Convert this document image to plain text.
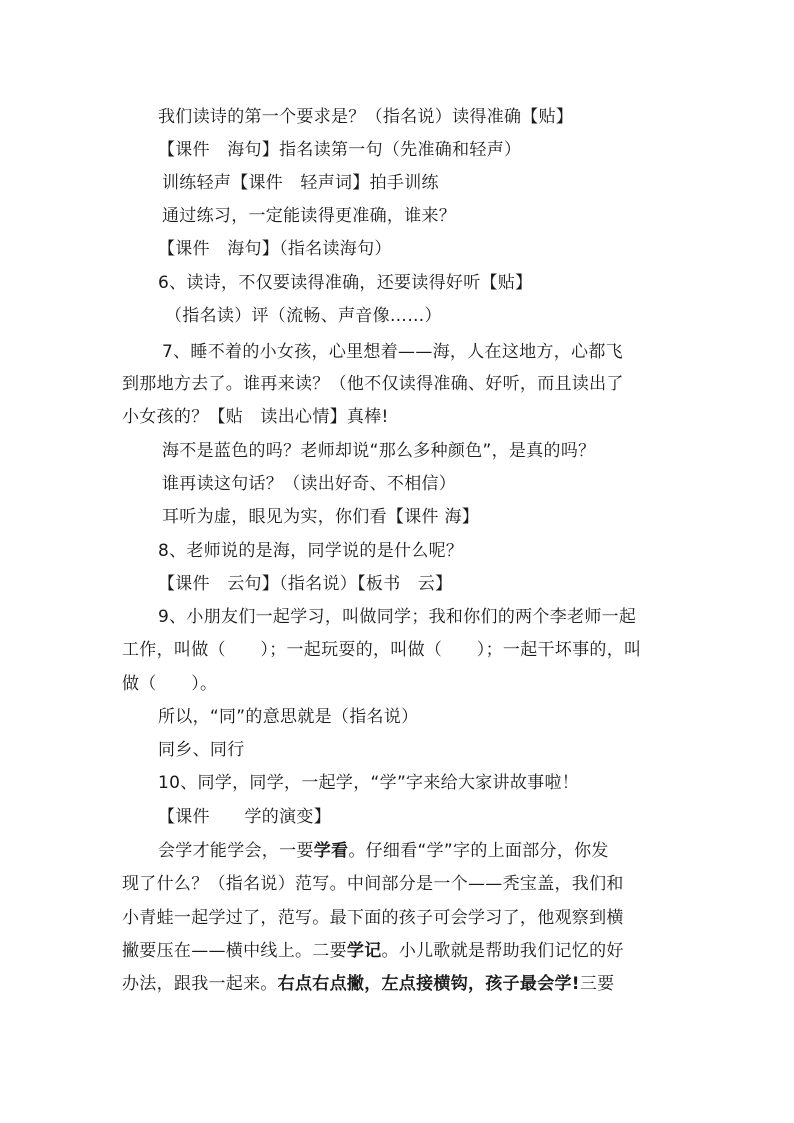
我们读诗的第一个要求是？（指名说）读得准确【贴】
【课件　海句】指名读第一句（先准确和轻声）
训练轻声【课件　轻声词】拍手训练
通过练习，一定能读得更准确，谁来？
【课件　海句】（指名读海句）
6、读诗，不仅要读得准确，还要读得好听【贴】
（指名读）评（流畅、声音像……）
7、睡不着的小女孩，心里想着——海，人在这地方，心都飞
到那地方去了。谁再来读？（他不仅读得准确、好听，而且读出了
小女孩的？【贴　读出心情】真棒!
海不是蓝色的吗？老师却说“那么多种颜色”，是真的吗？
谁再读这句话？（读出好奇、不相信）
耳听为虚，眼见为实，你们看【课件 海】
8、老师说的是海，同学说的是什么呢？
【课件　云句】（指名说）【板书　云】
9、小朋友们一起学习，叫做同学；我和你们的两个李老师一起
工作，叫做（　　）；一起玩耍的，叫做（　　）；一起干坏事的，叫
做（　　）。
所以，“同”的意思就是（指名说）
同乡、同行
10、同学，同学，一起学，“学”字来给大家讲故事啦！
【课件　　学的演变】
会学才能学会，一要学看。仔细看“学”字的上面部分，你发
现了什么？（指名说）范写。中间部分是一个——秃宝盖，我们和
小青蛙一起学过了，范写。最下面的孩子可会学习了，他观察到横
撇要压在——横中线上。二要学记。小儿歌就是帮助我们记忆的好
办法，跟我一起来。右点右点撇，左点接横钩，孩子最会学!三要
